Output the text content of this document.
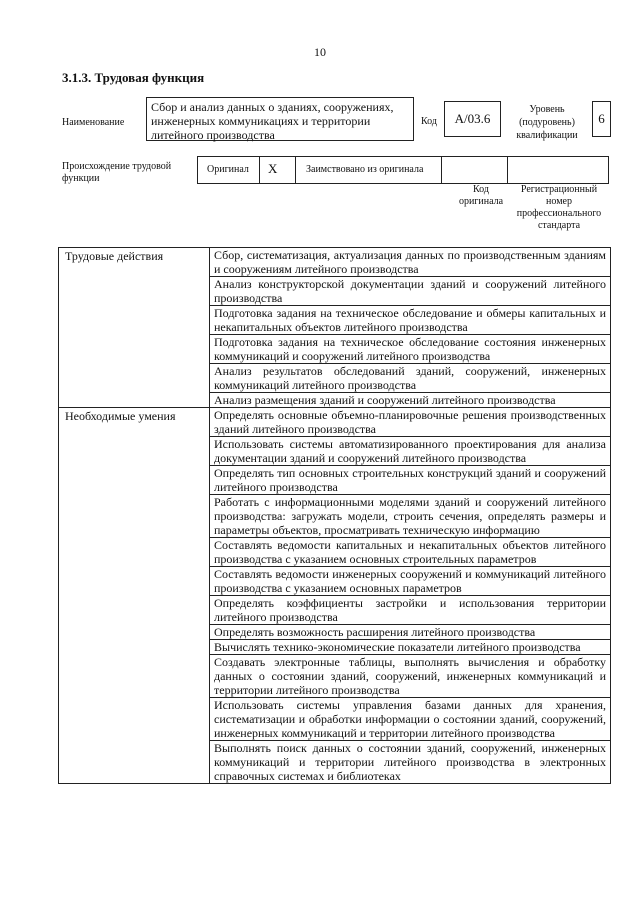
10
3.1.3. Трудовая функция
Наименование
Сбор и анализ данных о зданиях, сооружениях, инженерных коммуникациях и территории литейного производства
Код	A/03.6
Уровень (подуровень) квалификации
6
Происхождение трудовой функции
Оригинал X	Заимствовано из оригинала
Код оригинала
Регистрационный номер профессионального стандарта
Трудовые действия	Сбор, систематизация, актуализация данных по производственным зданиям и сооружениям литейного производства
	Анализ конструкторской документации зданий и сооружений литейного производства
	Подготовка задания на техническое обследование и обмеры капитальных и некапитальных объектов литейного производства
	Подготовка задания на техническое обследование состояния инженерных коммуникаций и сооружений литейного производства
	Анализ результатов обследований зданий, сооружений, инженерных коммуникаций литейного производства
	Анализ размещения зданий и сооружений литейного производства
Необходимые умения	Определять основные объемно-планировочные решения производственных зданий литейного производства
	Использовать системы автоматизированного проектирования для анализа документации зданий и сооружений литейного производства
	Определять тип основных строительных конструкций зданий и сооружений литейного производства
	Работать с информационными моделями зданий и сооружений литейного производства: загружать модели, строить сечения, определять размеры и параметры объектов, просматривать техническую информацию
	Составлять ведомости капитальных и некапитальных объектов литейного производства с указанием основных строительных параметров
	Составлять ведомости инженерных сооружений и коммуникаций литейного производства с указанием основных параметров
	Определять коэффициенты застройки и использования территории литейного производства
	Определять возможность расширения литейного производства
	Вычислять технико-экономические показатели литейного производства
	Создавать электронные таблицы, выполнять вычисления и обработку данных о состоянии зданий, сооружений, инженерных коммуникаций и территории литейного производства
	Использовать системы управления базами данных для хранения, систематизации и обработки информации о состоянии зданий, сооружений, инженерных коммуникаций и территории литейного производства
	Выполнять поиск данных о состоянии зданий, сооружений, инженерных коммуникаций и территории литейного производства в электронных справочных системах и библиотеках
